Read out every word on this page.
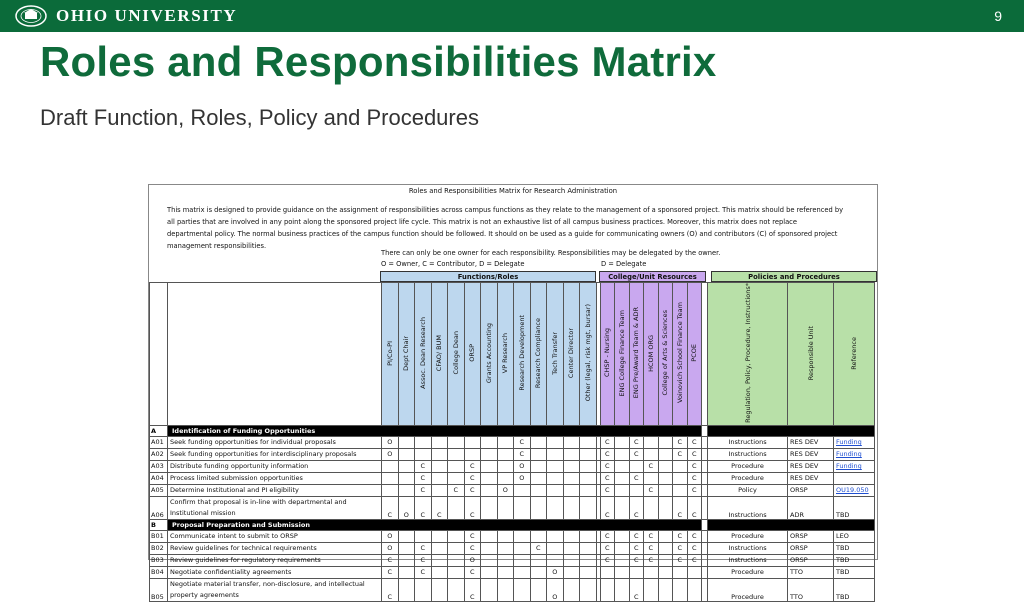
OHIO UNIVERSITY	9
Roles and Responsibilities Matrix
Draft Function, Roles, Policy and Procedures
Roles and Responsibilities Matrix for Research Administration
This matrix is designed to provide guidance on the assignment of responsibilities across campus functions as they relate to the management of a sponsored project. This matrix should be referenced by
all parties that are involved in any point along the sponsored project life cycle. This matrix is not an exhaustive list of all campus business practices. Moreover, this matrix does not replace
departmental policy. The normal business practices of the campus function should be followed. It should on be used as a guide for communicating owners (O) and contributors (C) of sponsored project
management responsibilities.
There can only be one owner for each responsibility. Responsibilities may be delegated by the owner.
O = Owner, C = Contributor, D = Delegate	D = Delegate
Functions/Roles	College/Unit Resources	Policies and Procedures
		PI/Co-PI	Dept Chair	Assoc. Dean Research	CFAO/ BUM	College Dean	ORSP	Grants Accounting	VP Research	Research Development	Research Compliance	Tech Transfer	Center Director	Other (legal, risk mgt, bursar)		CHSP - Nursing	ENG College Finance Team	ENG Pre/Award Team & ADR	HCOM ORG	College of Arts & Sciences	Voinovich School Finance Team	PCOE		Regulation, Policy, Procedure, Instructions*	Responsible Unit	Reference
A	Identification of Funding Opportunities																									
A01	Seek funding opportunities for individual proposals	O								C						C		C			C	C		Instructions	RES DEV	Funding
A02	Seek funding opportunities for interdisciplinary proposals	O								C						C		C			C	C		Instructions	RES DEV	Funding
A03	Distribute funding opportunity information			C			C			O						C			C			C		Procedure	RES DEV	Funding
A04	Process limited submission opportunities			C			C			O						C		C				C		Procedure	RES DEV	
A05	Determine Institutional and PI eligibility			C		C	C		O							C			C			C		Policy	ORSP	OU19.050
A06	Confirm that proposal is in-line with departmental and Institutional mission	C	O	C	C		C									C		C			C	C		Instructions	ADR	TBD
B	Proposal Preparation and Submission																									
B01	Communicate intent to submit to ORSP	O					C									C		C	C		C	C		Procedure	ORSP	LEO
B02	Review guidelines for technical requirements	O		C			C				C					C		C	C		C	C		Instructions	ORSP	TBD
B03	Review guidelines for regulatory requirements	C		C			O									C		C	C		C	C		Instructions	ORSP	TBD
B04	Negotiate confidentiality agreements	C		C			C					O												Procedure	TTO	TBD
B05	Negotiate material transfer, non-disclosure, and intellectual property agreements	C					C					O						C						Procedure	TTO	TBD
